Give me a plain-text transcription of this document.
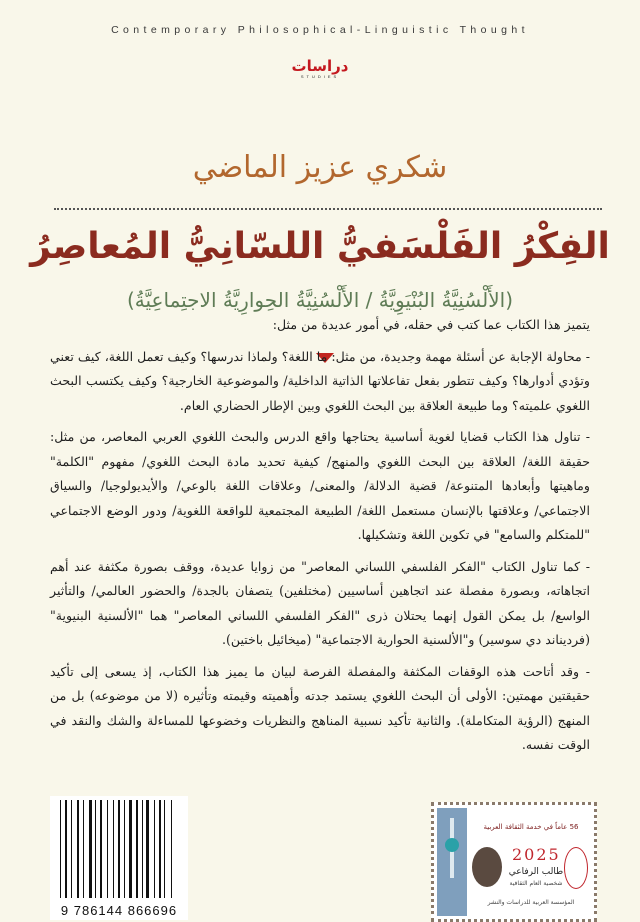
Contemporary Philosophical-Linguistic Thought
دراسات
STUDIES
شكري عزيز الماضي
الفِكْرُ الفَلْسَفيُّ اللسّانِيُّ المُعاصِرُ
(الأَلْسُنِيَّةُ البُنْيَوِيَّةُ / الأَلْسُنِيَّةُ الحِوارِيَّةُ الاجتِماعِيَّةُ)

يتميز هذا الكتاب عما كتب في حقله، في أمور عديدة من مثل:

- محاولة الإجابة عن أسئلة مهمة وجديدة، من مثل: ما اللغة؟ ولماذا ندرسها؟ وكيف تعمل اللغة، كيف تعني وتؤدي أدوارها؟ وكيف تتطور بفعل تفاعلاتها الذاتية الداخلية/ والموضوعية الخارجية؟ وكيف يكتسب البحث اللغوي علميته؟ وما طبيعة العلاقة بين البحث اللغوي وبين الإطار الحضاري العام.

- تناول هذا الكتاب قضايا لغوية أساسية يحتاجها واقع الدرس والبحث اللغوي العربي المعاصر، من مثل: حقيقة اللغة/ العلاقة بين البحث اللغوي والمنهج/ كيفية تحديد مادة البحث اللغوي/ مفهوم "الكلمة" وماهيتها وأبعادها المتنوعة/ قضية الدلالة/ والمعنى/ وعلاقات اللغة بالوعي/ والأيديولوجيا/ والسياق الاجتماعي/ وعلاقتها بالإنسان مستعمل اللغة/ الطبيعة المجتمعية للواقعة اللغوية/ ودور الوضع الاجتماعي "للمتكلم والسامع" في تكوين اللغة وتشكيلها.

- كما تناول الكتاب "الفكر الفلسفي اللساني المعاصر" من زوايا عديدة، ووقف بصورة مكثفة عند أهم اتجاهاته، وبصورة مفصلة عند اتجاهين أساسيين (مختلفين) يتصفان بالجدة/ والحضور العالمي/ والتأثير الواسع/ بل يمكن القول إنهما يحتلان ذرى "الفكر الفلسفي اللساني المعاصر" هما "الألسنية البنيوية" (فرديناند دي سوسير) و"الألسنية الحوارية الاجتماعية" (ميخائيل باختين).

- وقد أتاحت هذه الوقفات المكثفة والمفصلة الفرصة لبيان ما يميز هذا الكتاب، إذ يسعى إلى تأكيد حقيقتين مهمتين: الأولى أن البحث اللغوي يستمد جدته وأهميته وقيمته وتأثيره (لا من موضوعه) بل من المنهج (الرؤية المتكاملة). والثانية تأكيد نسبية المناهج والنظريات وخضوعها للمساءلة والشك والنقد في الوقت نفسه.

9 786144 866696
56 عاماً في خدمة الثقافة العربية
2025
طالب الرفاعي
شخصية العام الثقافية
المؤسسة العربية للدراسات والنشر
